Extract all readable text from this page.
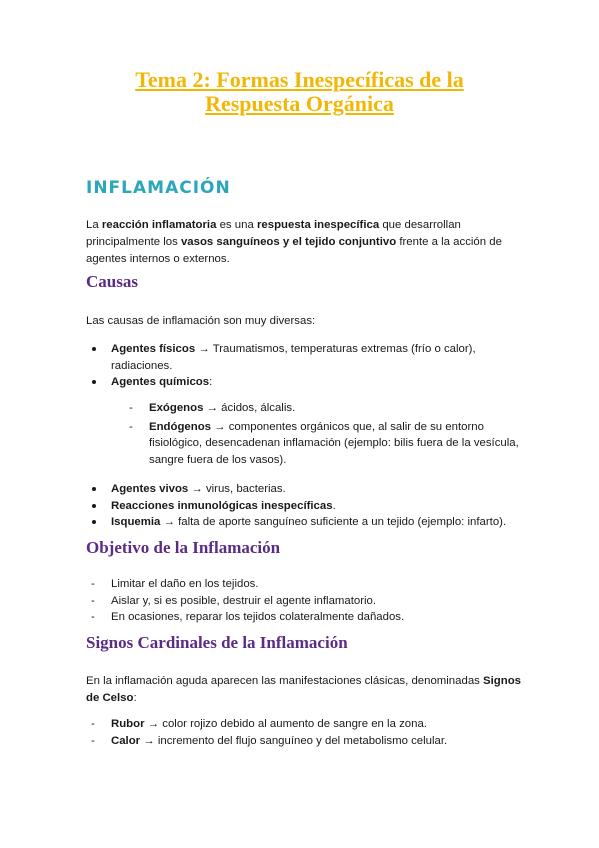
Tema 2: Formas Inespecíficas de la
Respuesta Orgánica
INFLAMACIÓN

La reacción inflamatoria es una respuesta inespecífica que desarrollan principalmente los vasos sanguíneos y el tejido conjuntivo frente a la acción de agentes internos o externos.

Causas

Las causas de inflamación son muy diversas:

Agentes físicos → Traumatismos, temperaturas extremas (frío o calor), radiaciones.
Agentes químicos:
- Exógenos → ácidos, álcalis.
- Endógenos → componentes orgánicos que, al salir de su entorno fisiológico, desencadenan inflamación (ejemplo: bilis fuera de la vesícula, sangre fuera de los vasos).
Agentes vivos → virus, bacterias.
Reacciones inmunológicas inespecíficas.
Isquemia → falta de aporte sanguíneo suficiente a un tejido (ejemplo: infarto).
Objetivo de la Inflamación
- Limitar el daño en los tejidos.
- Aislar y, si es posible, destruir el agente inflamatorio.
- En ocasiones, reparar los tejidos colateralmente dañados.
Signos Cardinales de la Inflamación

En la inflamación aguda aparecen las manifestaciones clásicas, denominadas Signos de Celso:

- Rubor → color rojizo debido al aumento de sangre en la zona.
- Calor → incremento del flujo sanguíneo y del metabolismo celular.
